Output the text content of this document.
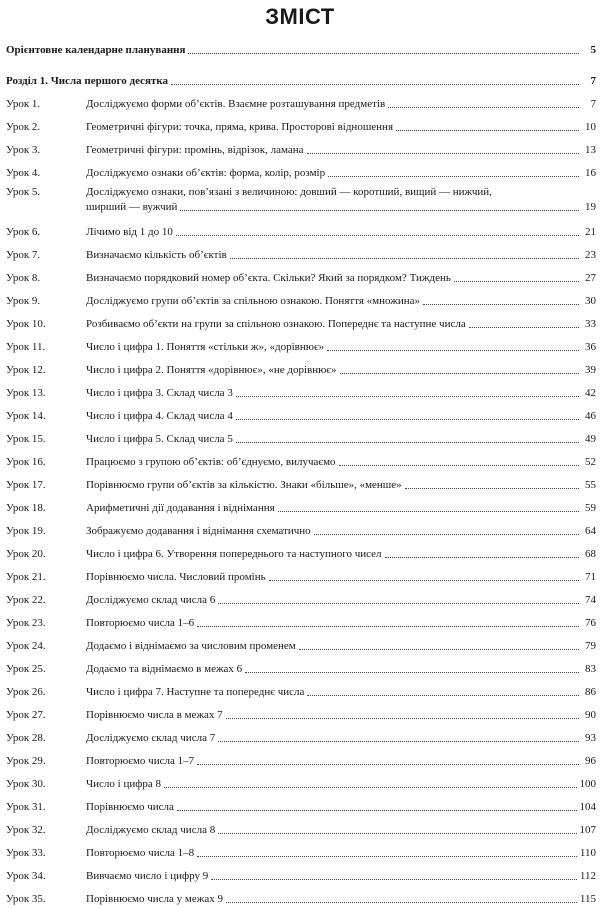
ЗМІСТ
Орієнтовне календарне планування	5
Розділ 1. Числа першого десятка	7
Урок 1.	Досліджуємо форми об’єктів. Взаємне розташування предметів	7
Урок 2.	Геометричні фігури: точка, пряма, крива. Просторові відношення	10
Урок 3.	Геометричні фігури: промінь, відрізок, ламана	13
Урок 4.	Досліджуємо ознаки об’єктів: форма, колір, розмір	16
Урок 5.	Досліджуємо ознаки, пов’язані з величиною: довший — коротший, вищий — нижчий,
ширший — вужчий	19
Урок 6.	Лічимо від 1 до 10	21
Урок 7.	Визначаємо кількість об’єктів	23
Урок 8.	Визначаємо порядковий номер об’єкта. Скільки? Який за порядком? Тиждень	27
Урок 9.	Досліджуємо групи об’єктів за спільною ознакою. Поняття «множина»	30
Урок 10.	Розбиваємо об’єкти на групи за спільною ознакою. Попереднє та наступне числа	33
Урок 11.	Число і цифра 1. Поняття «стільки ж», «дорівнює»	36
Урок 12.	Число і цифра 2. Поняття «дорівнює», «не дорівнює»	39
Урок 13.	Число і цифра 3. Склад числа 3	42
Урок 14.	Число і цифра 4. Склад числа 4	46
Урок 15.	Число і цифра 5. Склад числа 5	49
Урок 16.	Працюємо з групою об’єктів: об’єднуємо, вилучаємо	52
Урок 17.	Порівнюємо групи об’єктів за кількістю. Знаки «більше», «менше»	55
Урок 18.	Арифметичні дії додавання і віднімання	59
Урок 19.	Зображуємо додавання і віднімання схематично	64
Урок 20.	Число і цифра 6. Утворення попереднього та наступного чисел	68
Урок 21.	Порівнюємо числа. Числовий промінь	71
Урок 22.	Досліджуємо склад числа 6	74
Урок 23.	Повторюємо числа 1–6	76
Урок 24.	Додаємо і віднімаємо за числовим променем	79
Урок 25.	Додаємо та віднімаємо в межах 6	83
Урок 26.	Число і цифра 7. Наступне та попереднє числа	86
Урок 27.	Порівнюємо числа в межах 7	90
Урок 28.	Досліджуємо склад числа 7	93
Урок 29.	Повторюємо числа 1–7	96
Урок 30.	Число і цифра 8	100
Урок 31.	Порівнюємо числа	104
Урок 32.	Досліджуємо склад числа 8	107
Урок 33.	Повторюємо числа 1–8	110
Урок 34.	Вивчаємо число і цифру 9	112
Урок 35.	Порівнюємо числа у межах 9	115
